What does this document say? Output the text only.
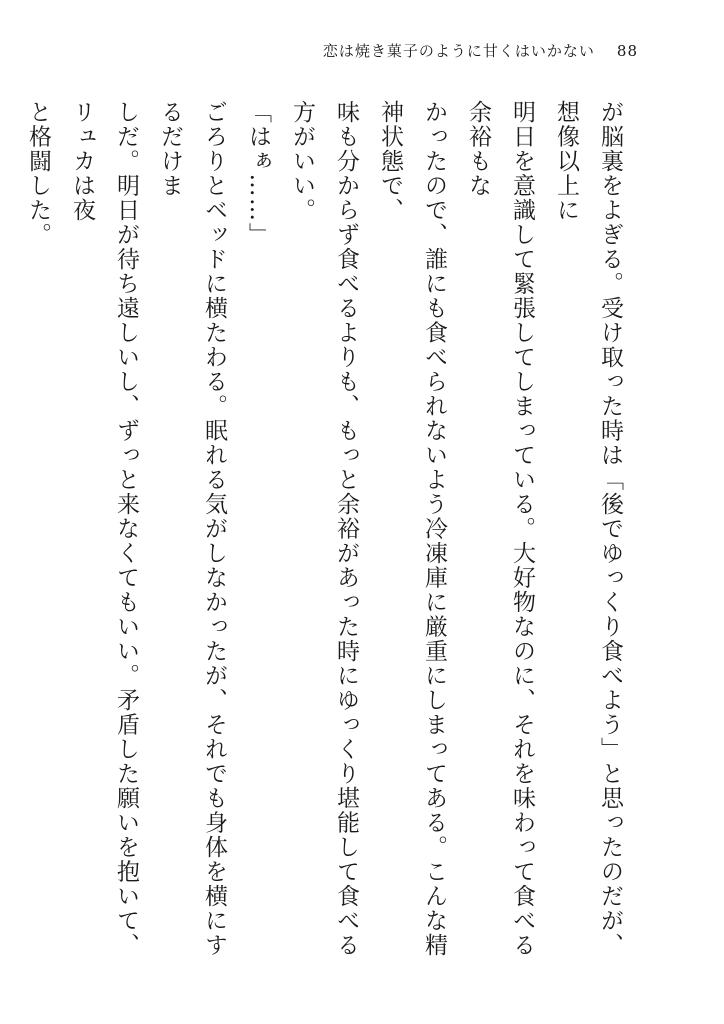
恋は焼き菓子のように甘くはいかない 88
が脳裏をよぎる。受け取った時は「後でゆっくり食べよう」と思ったのだが、想像以上に
明日を意識して緊張してしまっている。大好物なのに、それを味わって食べる余裕もな
かったので、誰にも食べられないよう冷凍庫に厳重にしまってある。こんな精神状態で、
味も分からず食べるよりも、もっと余裕があった時にゆっくり堪能して食べる方がいい。
「はぁ……」
ごろりとベッドに横たわる。眠れる気がしなかったが、それでも身体を横にするだけま
しだ。明日が待ち遠しいし、ずっと来なくてもいい。矛盾した願いを抱いて、リュカは夜
と格闘した。
